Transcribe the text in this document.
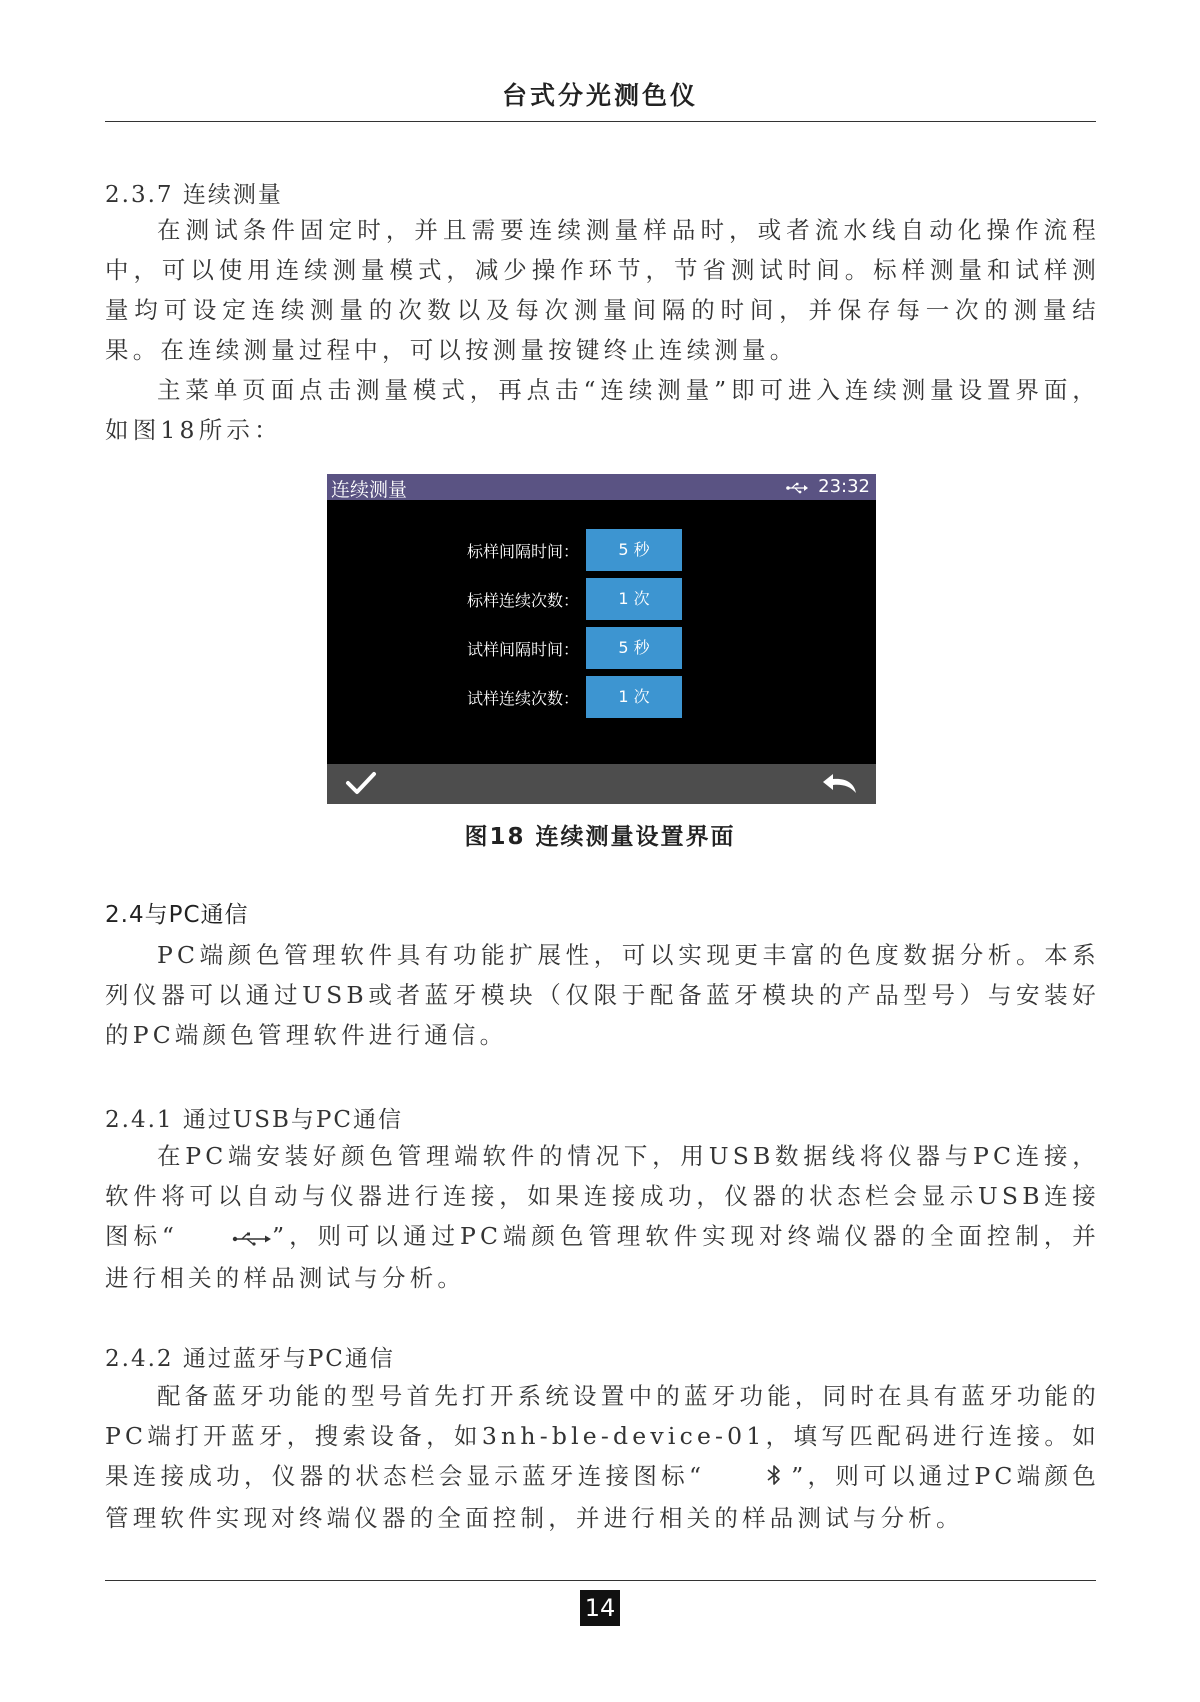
台式分光测色仪
2.3.7 连续测量

在测试条件固定时，并且需要连续测量样品时，或者流水线自动化操作流程中，可以使用连续测量模式，减少操作环节，节省测试时间。标样测量和试样测量均可设定连续测量的次数以及每次测量间隔的时间，并保存每一次的测量结果。在连续测量过程中，可以按测量按键终止连续测量。

主菜单页面点击测量模式，再点击“连续测量”即可进入连续测量设置界面，如图18所示：

连续测量	23:32
标样间隔时间：	5 秒
标样连续次数：	1 次
试样间隔时间：	5 秒
试样连续次数：	1 次
图18 连续测量设置界面
2.4与PC通信

PC端颜色管理软件具有功能扩展性，可以实现更丰富的色度数据分析。本系列仪器可以通过USB或者蓝牙模块（仅限于配备蓝牙模块的产品型号）与安装好的PC端颜色管理软件进行通信。

2.4.1 通过USB与PC通信

在PC端安装好颜色管理端软件的情况下，用USB数据线将仪器与PC连接，软件将可以自动与仪器进行连接，如果连接成功，仪器的状态栏会显示USB连接图标“	”，则可以通过PC端颜色管理软件实现对终端仪器的全面控制，并进行相关的样品测试与分析。

2.4.2 通过蓝牙与PC通信

配备蓝牙功能的型号首先打开系统设置中的蓝牙功能，同时在具有蓝牙功能的PC端打开蓝牙，搜索设备，如3nh-ble-device-01，填写匹配码进行连接。如果连接成功，仪器的状态栏会显示蓝牙连接图标“	”，则可以通过PC端颜色管理软件实现对终端仪器的全面控制，并进行相关的样品测试与分析。

14
